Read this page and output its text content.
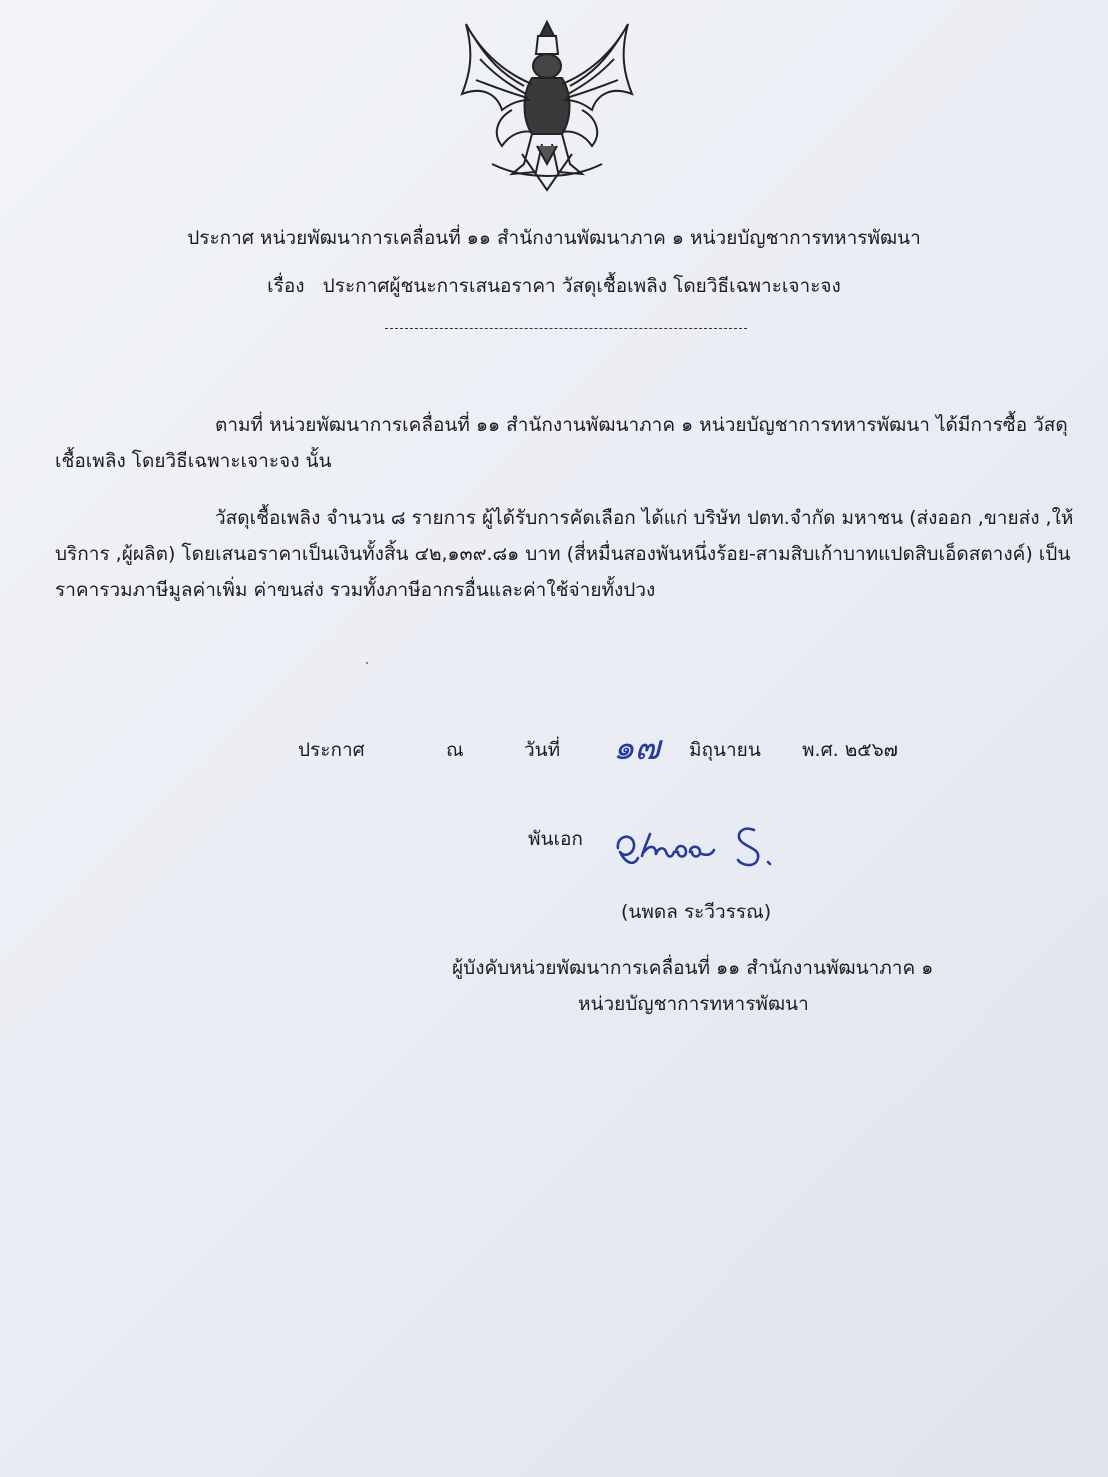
ประกาศ หน่วยพัฒนาการเคลื่อนที่ ๑๑ สำนักงานพัฒนาภาค ๑ หน่วยบัญชาการทหารพัฒนา
เรื่อง ประกาศผู้ชนะการเสนอราคา วัสดุเชื้อเพลิง โดยวิธีเฉพาะเจาะจง
ตามที่ หน่วยพัฒนาการเคลื่อนที่ ๑๑ สำนักงานพัฒนาภาค ๑ หน่วยบัญชาการทหารพัฒนา ได้มีการซื้อ วัสดุเชื้อเพลิง โดยวิธีเฉพาะเจาะจง นั้น
วัสดุเชื้อเพลิง จำนวน ๘ รายการ ผู้ได้รับการคัดเลือก ได้แก่ บริษัท ปตท.จำกัด มหาชน (ส่งออก ,ขายส่ง ,ให้บริการ ,ผู้ผลิต) โดยเสนอราคาเป็นเงินทั้งสิ้น ๔๒,๑๓๙.๘๑ บาท (สี่หมื่นสองพันหนึ่งร้อย-สามสิบเก้าบาทแปดสิบเอ็ดสตางค์) เป็นราคารวมภาษีมูลค่าเพิ่ม ค่าขนส่ง รวมทั้งภาษีอากรอื่นและค่าใช้จ่ายทั้งปวง
ประกาศ	ณ	วันที่ ๑๗ มิถุนายน พ.ศ. ๒๕๖๗
พันเอก
(นพดล ระวีวรรณ)
ผู้บังคับหน่วยพัฒนาการเคลื่อนที่ ๑๑ สำนักงานพัฒนาภาค ๑
หน่วยบัญชาการทหารพัฒนา
